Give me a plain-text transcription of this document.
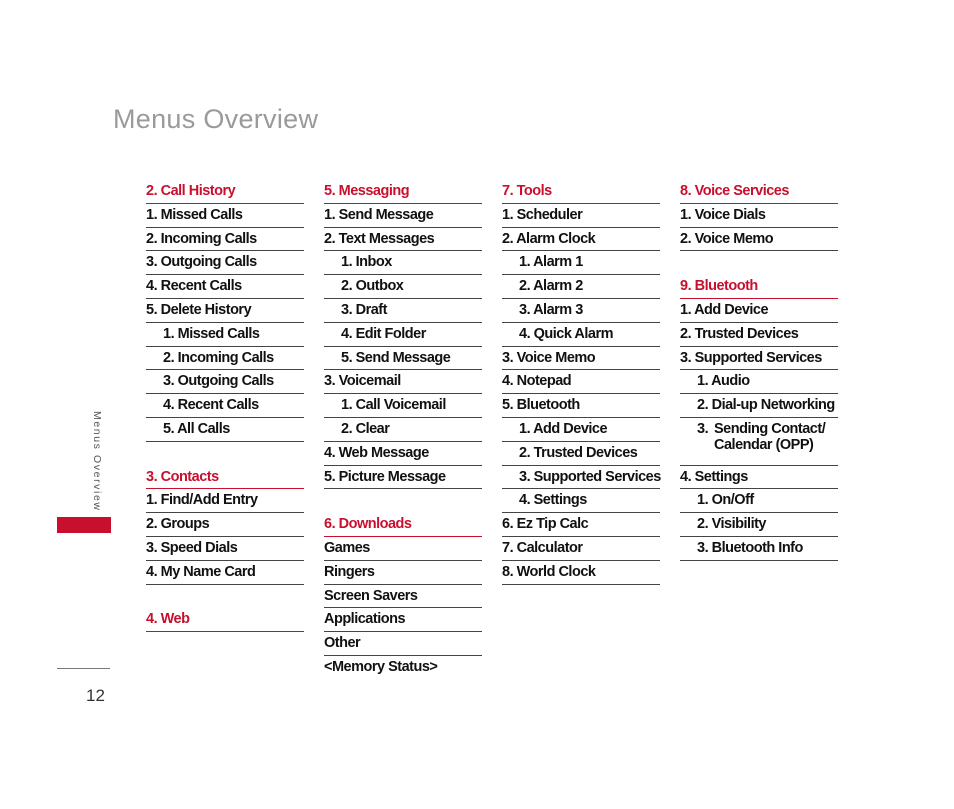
Menus Overview
Menus Overview
12
2. Call History
1. Missed Calls
2. Incoming Calls
3. Outgoing Calls
4. Recent Calls
5. Delete History
1. Missed Calls
2. Incoming Calls
3. Outgoing Calls
4. Recent Calls
5. All Calls
3. Contacts
1. Find/Add Entry
2. Groups
3. Speed Dials
4. My Name Card
4. Web
5. Messaging
1. Send Message
2. Text Messages
1. Inbox
2. Outbox
3. Draft
4. Edit Folder
5. Send Message
3. Voicemail
1. Call Voicemail
2. Clear
4. Web Message
5. Picture Message
6. Downloads
Games
Ringers
Screen Savers
Applications
Other
<Memory Status>
7. Tools
1. Scheduler
2. Alarm Clock
1. Alarm 1
2. Alarm 2
3. Alarm 3
4. Quick Alarm
3. Voice Memo
4. Notepad
5. Bluetooth
1. Add Device
2. Trusted Devices
3. Supported Services
4. Settings
6. Ez Tip Calc
7. Calculator
8. World Clock
8. Voice Services
1. Voice Dials
2. Voice Memo
9. Bluetooth
1. Add Device
2. Trusted Devices
3. Supported Services
1. Audio
2. Dial-up Networking
3. Sending Contact/ Calendar (OPP)
4. Settings
1. On/Off
2. Visibility
3. Bluetooth Info
